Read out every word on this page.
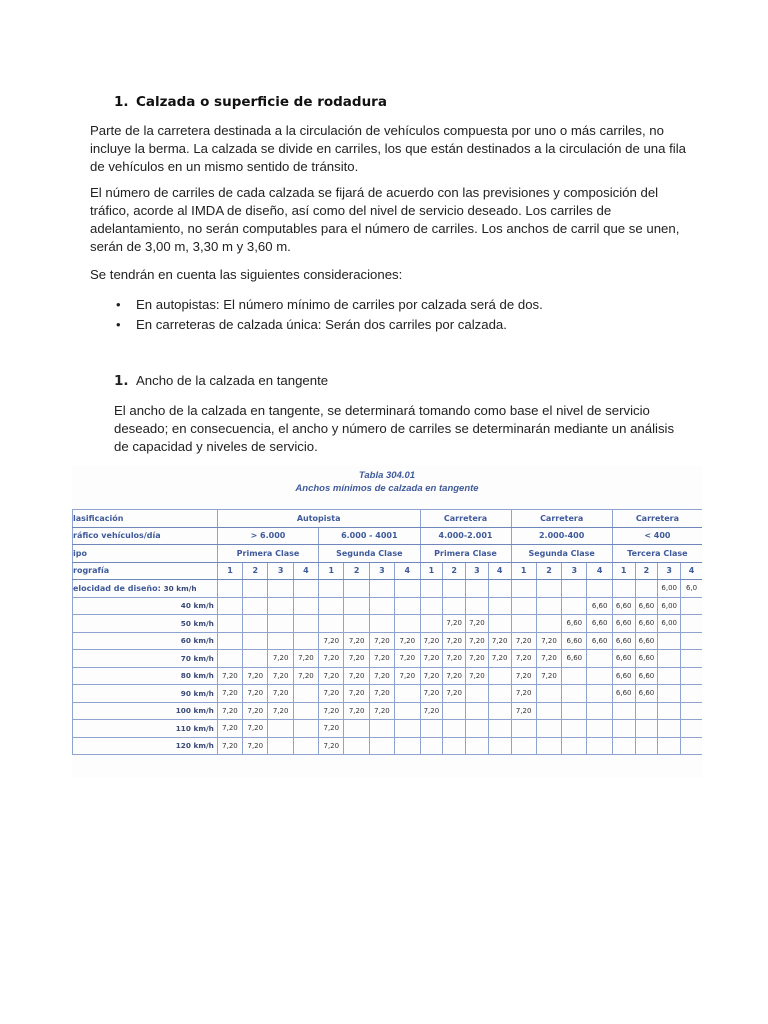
1. Calzada o superficie de rodadura
Parte de la carretera destinada a la circulación de vehículos compuesta por uno o más carriles, no incluye la berma. La calzada se divide en carriles, los que están destinados a la circulación de una fila de vehículos en un mismo sentido de tránsito.
El número de carriles de cada calzada se fijará de acuerdo con las previsiones y composición del tráfico, acorde al IMDA de diseño, así como del nivel de servicio deseado. Los carriles de adelantamiento, no serán computables para el número de carriles. Los anchos de carril que se unen, serán de 3,00 m, 3,30 m y 3,60 m.
Se tendrán en cuenta las siguientes consideraciones:
• En autopistas: El número mínimo de carriles por calzada será de dos.
• En carreteras de calzada única: Serán dos carriles por calzada.
1. Ancho de la calzada en tangente
El ancho de la calzada en tangente, se determinará tomando como base el nivel de servicio deseado; en consecuencia, el ancho y número de carriles se determinarán mediante un análisis de capacidad y niveles de servicio.
Tabla 304.01
Anchos mínimos de calzada en tangente
lasificación	Autopista								Carretera				Carretera				Carretera			
ráfico vehículos/día	> 6.000				6.000 - 4001				4.000-2.001				2.000-400				< 400			
ipo	Primera Clase				Segunda Clase				Primera Clase				Segunda Clase				Tercera Clase			
rografía	1	2	3	4	1	2	3	4	1	2	3	4	1	2	3	4	1	2	3	4
elocidad de diseño: 30 km/h																			6,00	6,0
40 km/h																6,60	6,60	6,60	6,00	
50 km/h										7,20	7,20				6,60	6,60	6,60	6,60	6,00	
60 km/h					7,20	7,20	7,20	7,20	7,20	7,20	7,20	7,20	7,20	7,20	6,60	6,60	6,60	6,60		
70 km/h			7,20	7,20	7,20	7,20	7,20	7,20	7,20	7,20	7,20	7,20	7,20	7,20	6,60		6,60	6,60		
80 km/h	7,20	7,20	7,20	7,20	7,20	7,20	7,20	7,20	7,20	7,20	7,20		7,20	7,20			6,60	6,60		
90 km/h	7,20	7,20	7,20		7,20	7,20	7,20		7,20	7,20			7,20				6,60	6,60		
100 km/h	7,20	7,20	7,20		7,20	7,20	7,20		7,20				7,20							
110 km/h	7,20	7,20			7,20															
120 km/h	7,20	7,20			7,20															
